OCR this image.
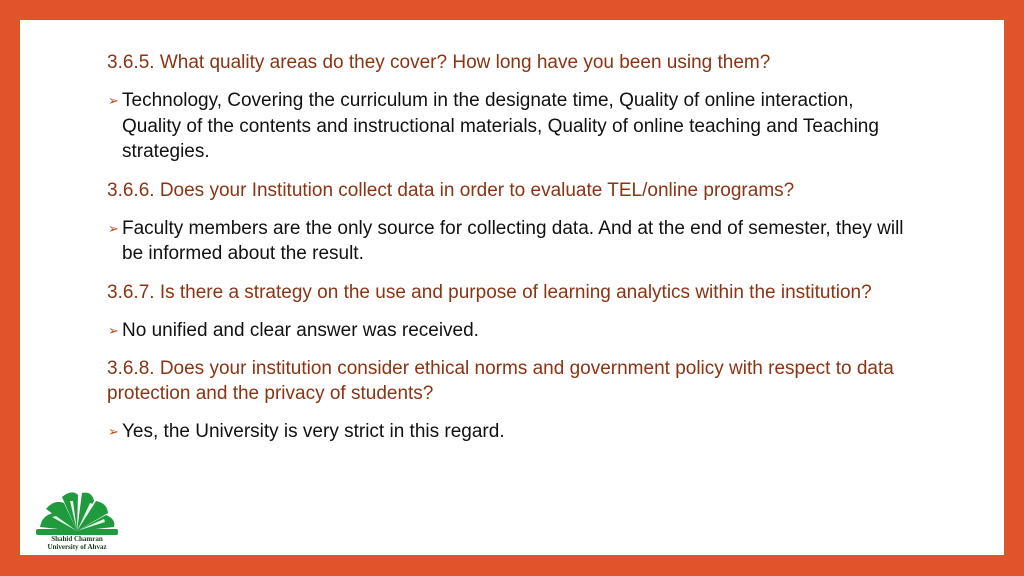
3.6.5. What quality areas do they cover? How long have you been using them?

➢ Technology, Covering the curriculum in the designate time, Quality of online interaction, Quality of the contents and instructional materials, Quality of online teaching and Teaching strategies.

3.6.6. Does your Institution collect data in order to evaluate TEL/online programs?

➢ Faculty members are the only source for collecting data. And at the end of semester, they will be informed about the result.

3.6.7. Is there a strategy on the use and purpose of learning analytics within the institution?

➢ No unified and clear answer was received.

3.6.8. Does your institution consider ethical norms and government policy with respect to data protection and the privacy of students?

➢ Yes, the University is very strict in this regard.

Shahid Chamran
University of Ahvaz
